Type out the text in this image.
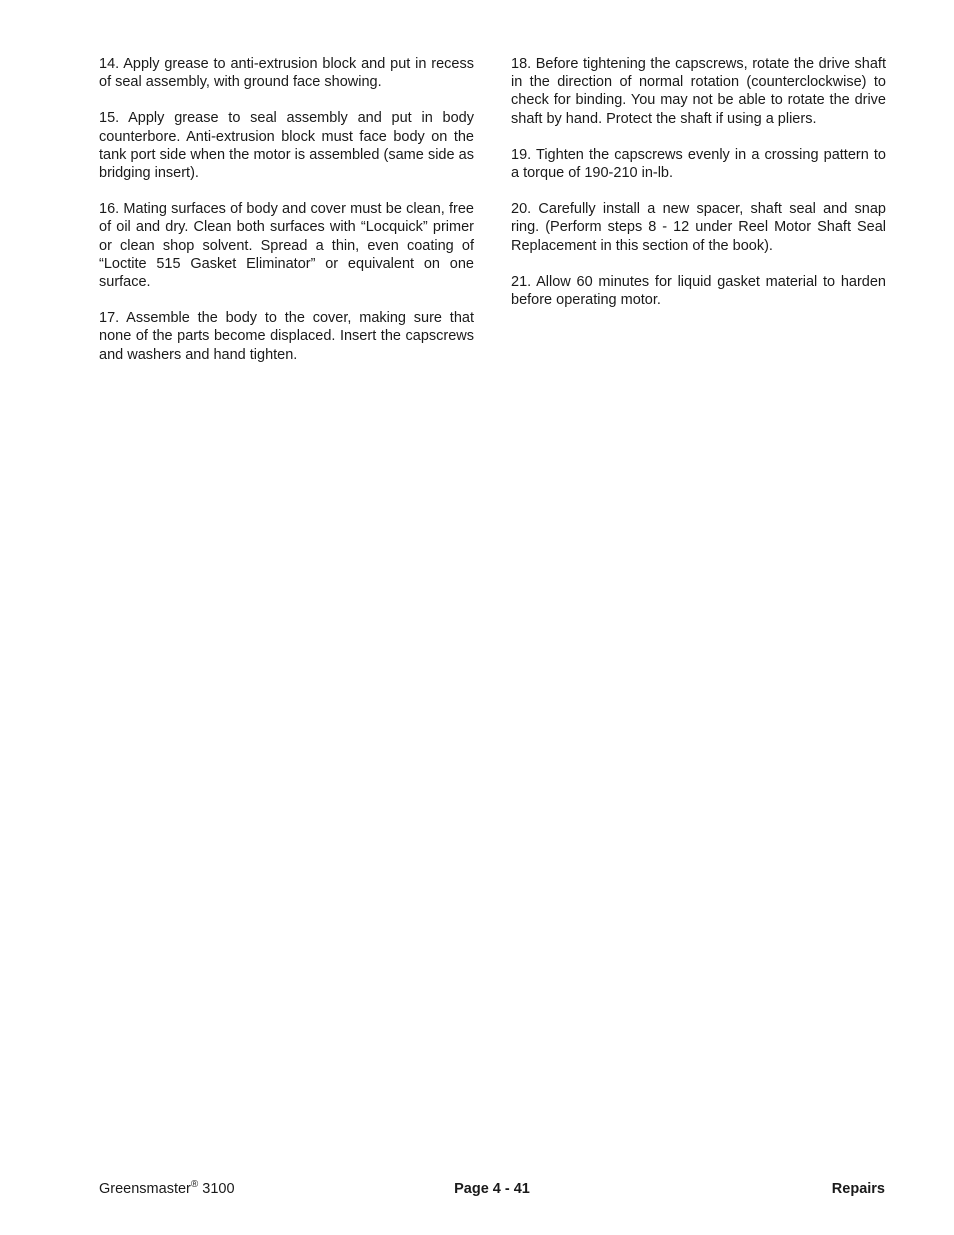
14. Apply grease to anti-extrusion block and put in recess of seal assembly, with ground face showing.

15. Apply grease to seal assembly and put in body counterbore. Anti-extrusion block must face body on the tank port side when the motor is assembled (same side as bridging insert).

16. Mating surfaces of body and cover must be clean, free of oil and dry. Clean both surfaces with “Locquick” primer or clean shop solvent. Spread a thin, even coating of “Loctite 515 Gasket Eliminator” or equivalent on one surface.

17. Assemble the body to the cover, making sure that none of the parts become displaced. Insert the capscrews and washers and hand tighten.

18. Before tightening the capscrews, rotate the drive shaft in the direction of normal rotation (counterclockwise) to check for binding. You may not be able to rotate the drive shaft by hand. Protect the shaft if using a pliers.

19. Tighten the capscrews evenly in a crossing pattern to a torque of 190-210 in-lb.

20. Carefully install a new spacer, shaft seal and snap ring. (Perform steps 8 - 12 under Reel Motor Shaft Seal Replacement in this section of the book).

21. Allow 60 minutes for liquid gasket material to harden before operating motor.

Page 4 - 41
Greensmaster® 3100	Repairs
